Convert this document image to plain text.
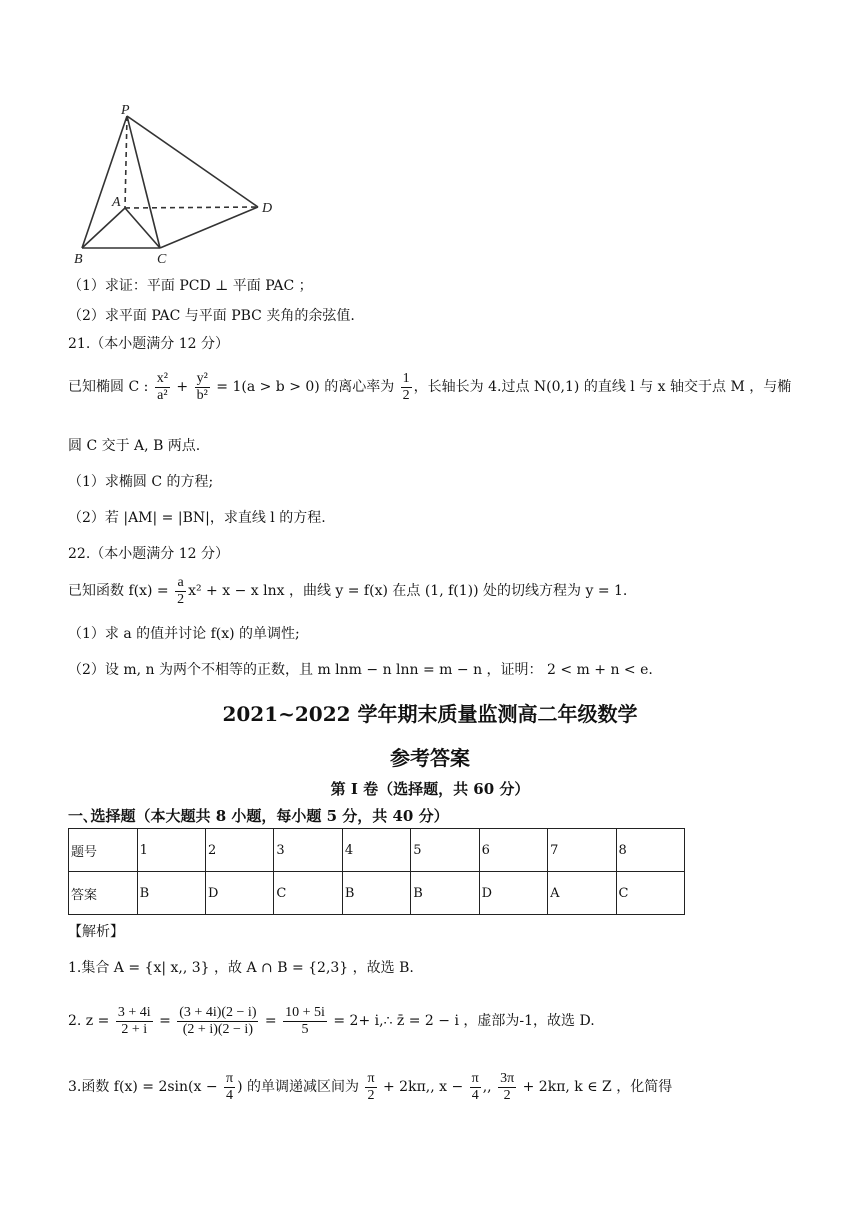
P
A
B	C
D
（1）求证：平面 PCD ⊥ 平面 PAC ；
（2）求平面 PAC 与平面 PBC 夹角的余弦值.
21.（本小题满分 12 分）
已知椭圆 C : $\frac{\text{x²}}{\text{a²}} + \frac{\text{y²}}{\text{b²}} = 1(a > b > 0)$ 的离心率为 $\frac{1}{2}$ ，长轴长为 4.过点 N(0,1) 的直线 l 与 x 轴交于点 M ，与椭
圆 C 交于 A, B 两点.
（1）求椭圆 C 的方程;
（2）若 |AM| = |BN|，求直线 l 的方程.
22.（本小题满分 12 分）
已知函数 $f(x) = \frac{a}{2} x^2 + x - x$ lnx ，曲线 y = f(x) 在点 (1, f(1)) 处的切线方程为 y = 1.
（1）求 a 的值并讨论 f(x) 的单调性;
（2）设 m, n 为两个不相等的正数，且 m lnm − n lnn = m − n ，证明： 2 < m + n < e.
2021~2022 学年期末质量监测高二年级数学
参考答案
第 I 卷（选择题，共 60 分）
一､选择题（本大题共 8 小题，每小题 5 分，共 40 分）
题号	1	2	3	4	5	6	7	8
答案	B	D	C	B	B	D	A	C
【解析】
1.集合 A = {x| x,, 3} ，故 A ∩ B = {2,3} ，故选 B.
2. $z = \frac{3 + 4i}{2 + i} = \frac{(3 + 4i)(2 - i)}{(2 + i)(2 - i)} = \frac{10 + 5i}{5} = 2+$ i,∴ z̄ = 2 − i ，虚部为-1，故选 D.
3.函数 $f(x) = 2\sin(x - \frac{\pi}{4}$ ) 的单调递减区间为 $\frac{\pi}{2} + 2k\pi$,, $x - \frac{\pi}{4}$ ,, $\frac{3\pi}{2} + 2k\pi$, k ∈ Z ，化简得
